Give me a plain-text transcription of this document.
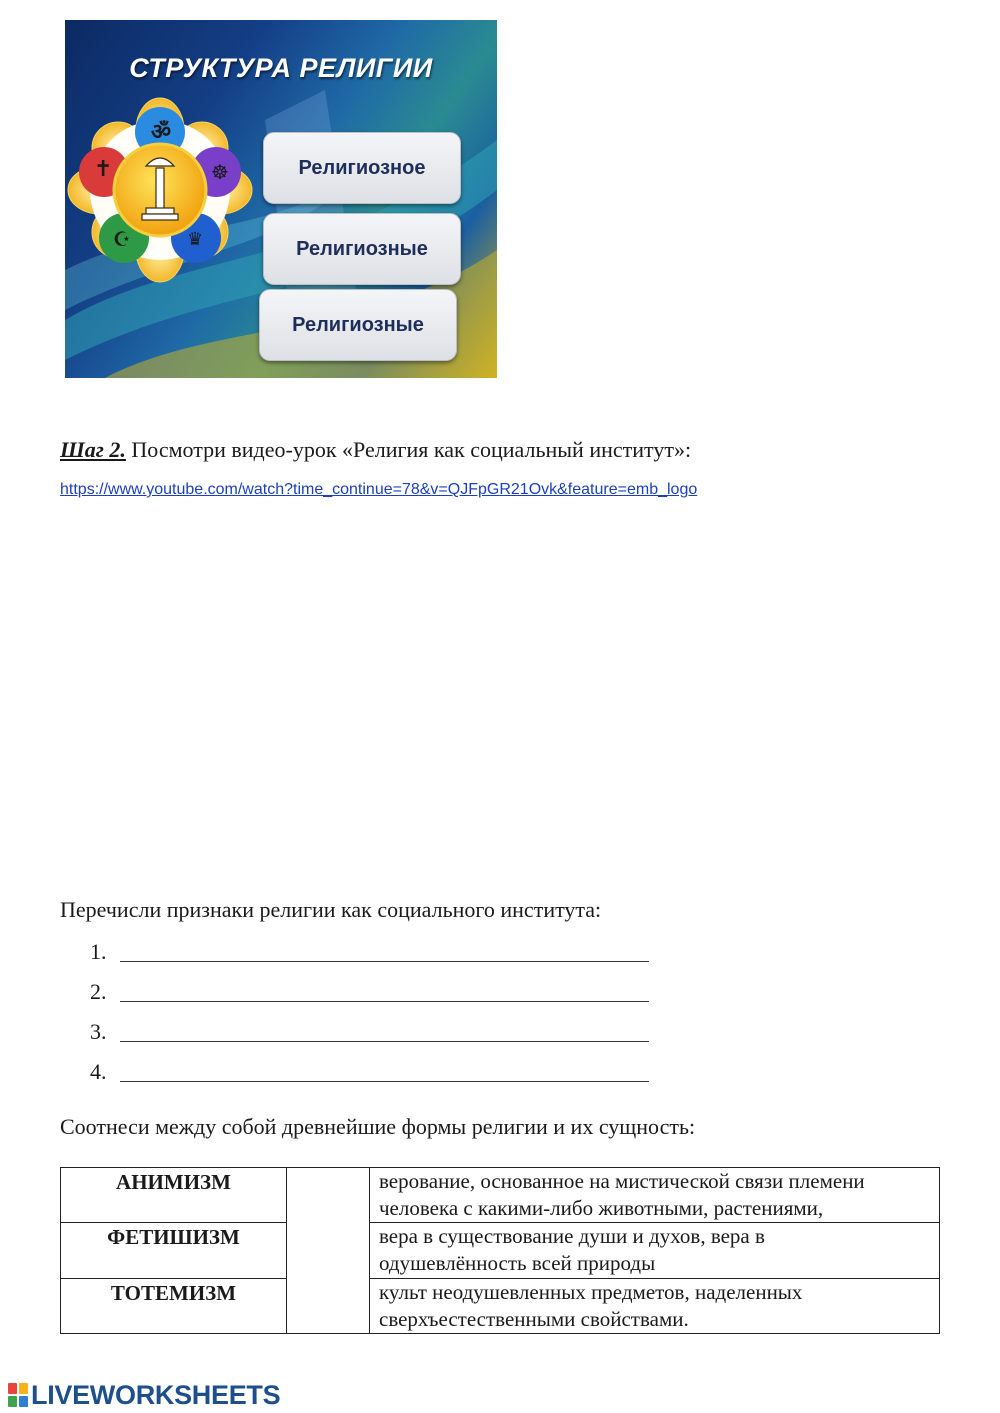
СТРУКТУРА РЕЛИГИИ
ॐ
✝	☸
☪	♛
Религиозное
Религиозные
Религиозные
Шаг 2. Посмотри видео-урок «Религия как социальный институт»:
https://www.youtube.com/watch?time_continue=78&v=QJFpGR21Ovk&feature=emb_logo
Перечисли признаки религии как социального института:
1.
2.
3.
4.
Соотнеси между собой древнейшие формы религии и их сущность:
АНИМИЗМ		верование, основанное на мистической связи племени
человека с какими-либо животными, растениями,

ФЕТИШИЗМ		вера в существование души и духов, вера в
одушевлённость всей природы

ТОТЕМИЗМ		культ неодушевленных предметов, наделенных
сверхъестественными свойствами.
LIVEWORKSHEETS
